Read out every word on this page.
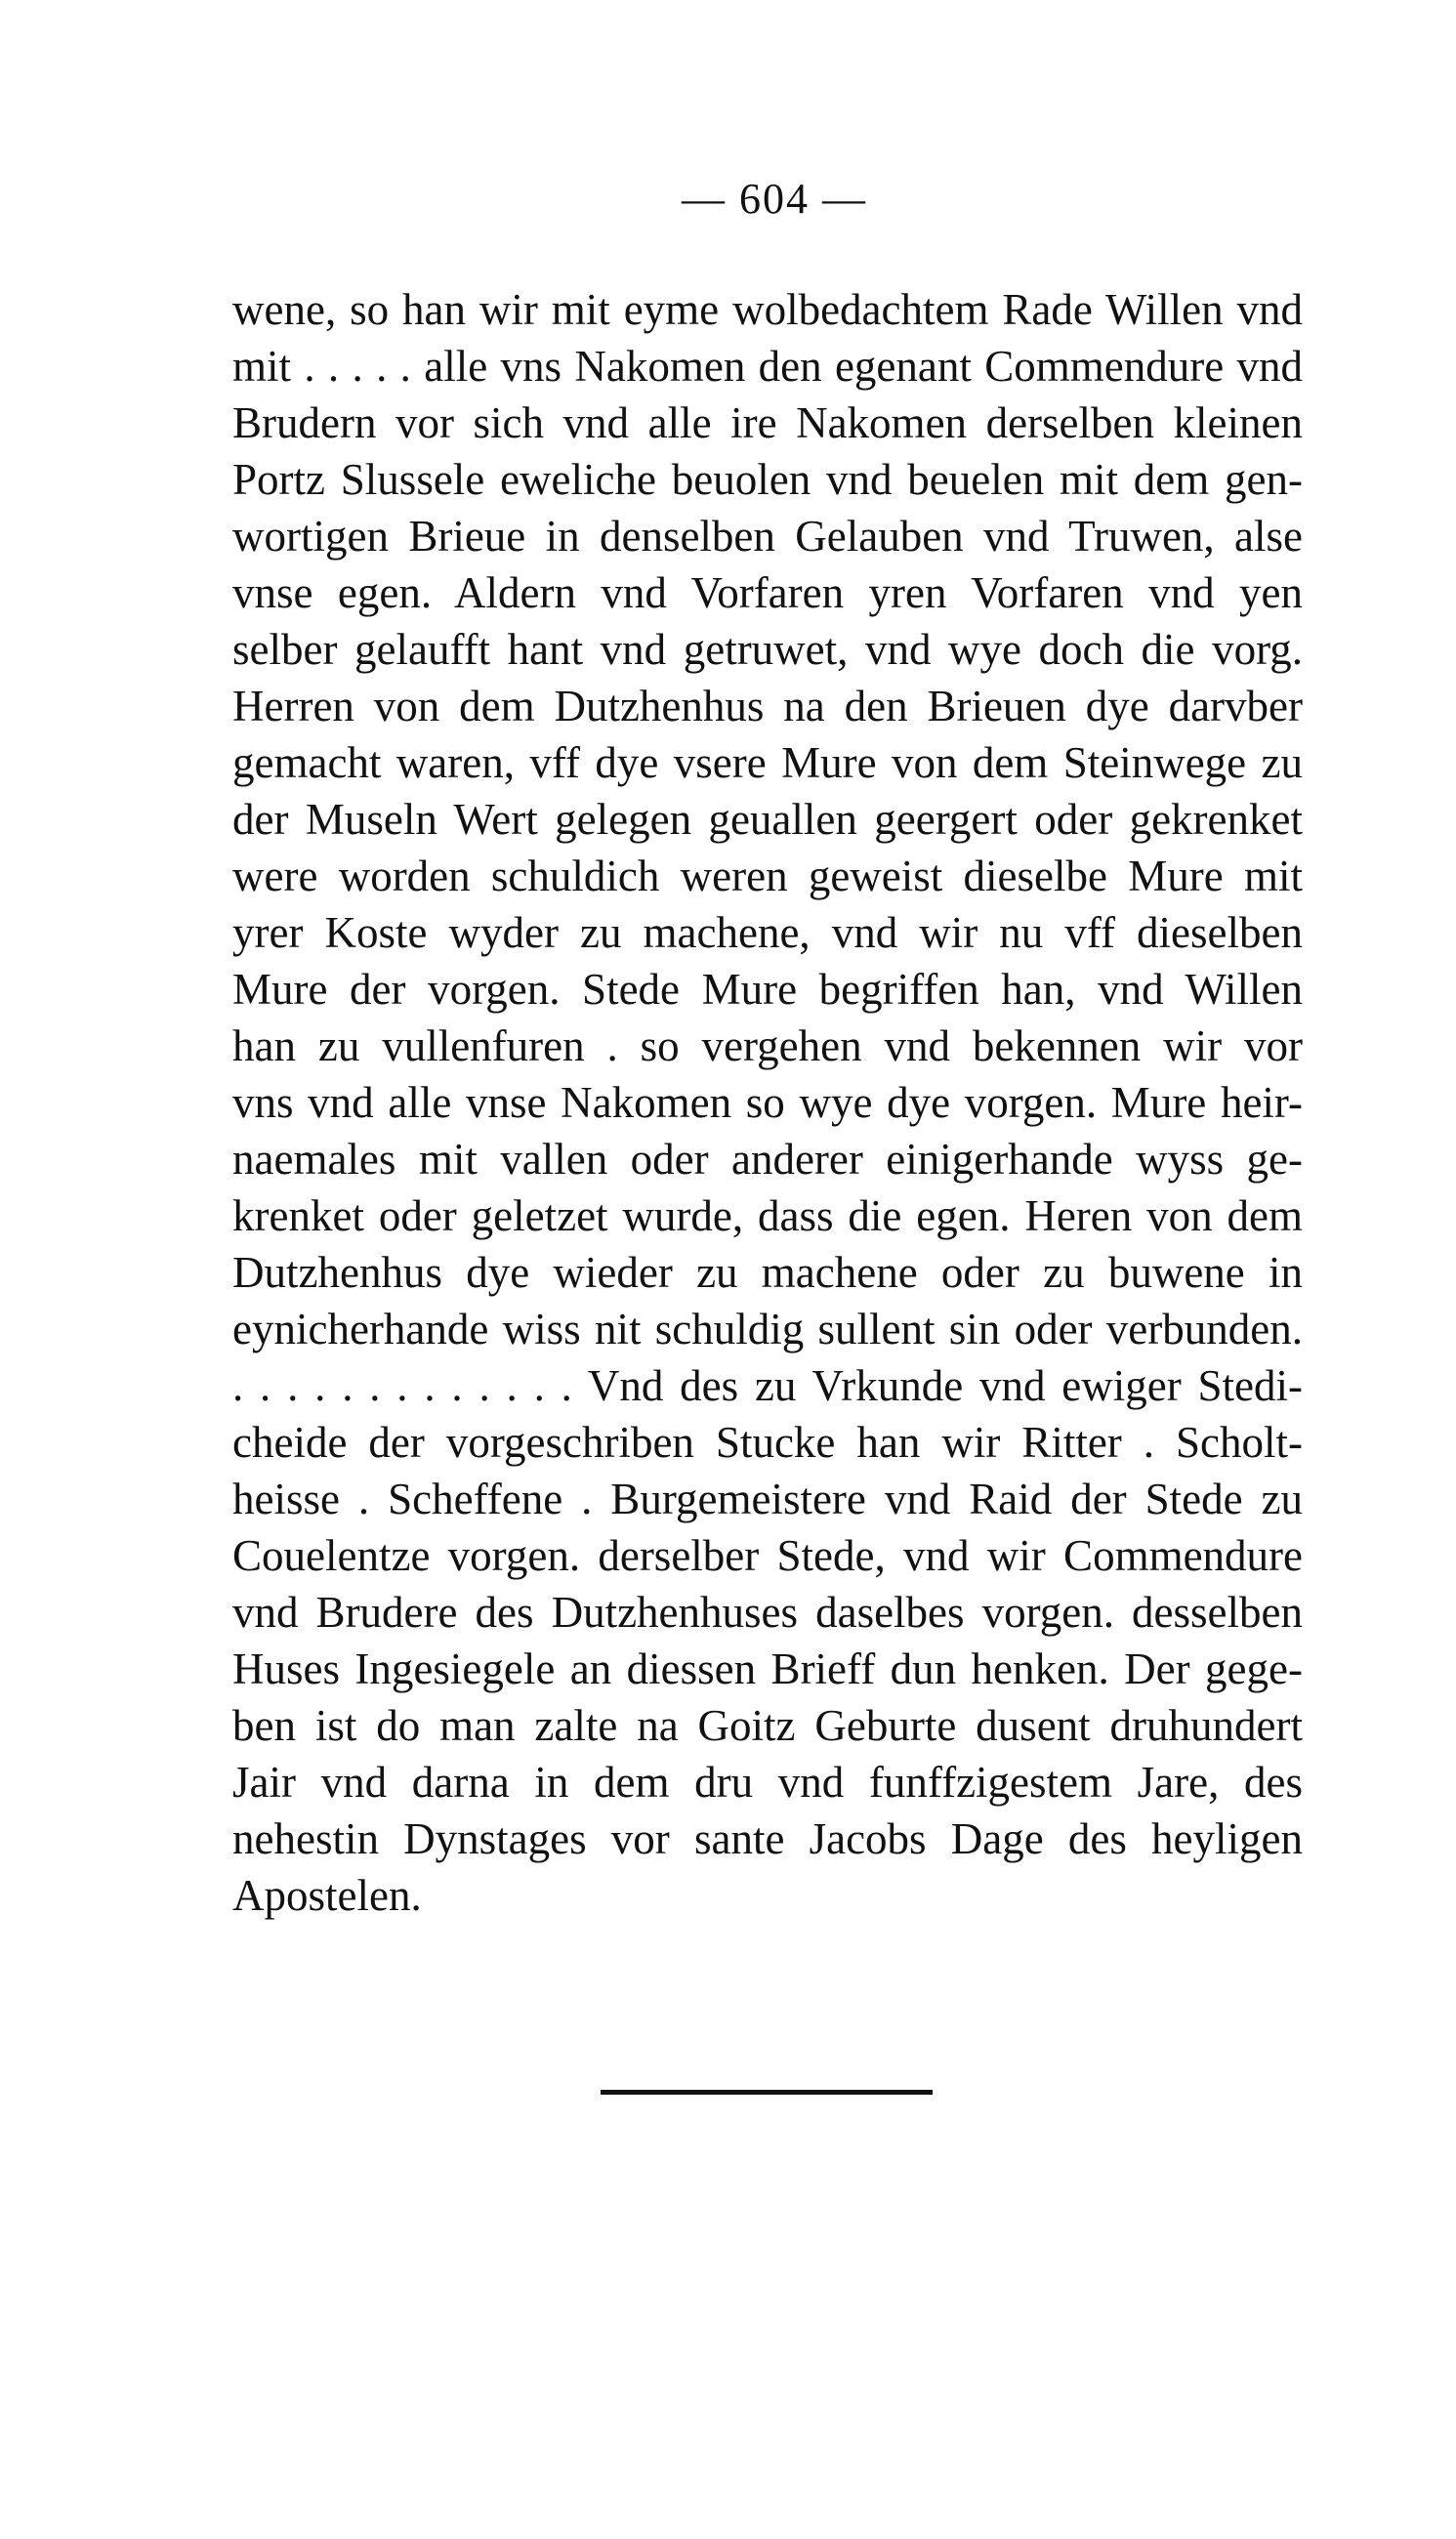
— 604 —
wene, so han wir mit eyme wolbedachtem Rade Willen vnd
mit . . . . . alle vns Nakomen den egenant Commendure vnd
Brudern vor sich vnd alle ire Nakomen derselben kleinen
Portz Slussele eweliche beuolen vnd beuelen mit dem gen-
wortigen Brieue in denselben Gelauben vnd Truwen, alse
vnse egen. Aldern vnd Vorfaren yren Vorfaren vnd yen
selber gelaufft hant vnd getruwet, vnd wye doch die vorg.
Herren von dem Dutzhenhus na den Brieuen dye darvber
gemacht waren, vff dye vsere Mure von dem Steinwege zu
der Museln Wert gelegen geuallen geergert oder gekrenket
were worden schuldich weren geweist dieselbe Mure mit
yrer Koste wyder zu machene, vnd wir nu vff dieselben
Mure der vorgen. Stede Mure begriffen han, vnd Willen
han zu vullenfuren . so vergehen vnd bekennen wir vor
vns vnd alle vnse Nakomen so wye dye vorgen. Mure heir-
naemales mit vallen oder anderer einigerhande wyss ge-
krenket oder geletzet wurde, dass die egen. Heren von dem
Dutzhenhus dye wieder zu machene oder zu buwene in
eynicherhande wiss nit schuldig sullent sin oder verbunden.
. . . . . . . . . . . . . Vnd des zu Vrkunde vnd ewiger Stedi-
cheide der vorgeschriben Stucke han wir Ritter . Scholt-
heisse . Scheffene . Burgemeistere vnd Raid der Stede zu
Couelentze vorgen. derselber Stede, vnd wir Commendure
vnd Brudere des Dutzhenhuses daselbes vorgen. desselben
Huses Ingesiegele an diessen Brieff dun henken. Der gege-
ben ist do man zalte na Goitz Geburte dusent druhundert
Jair vnd darna in dem dru vnd funffzigestem Jare, des
nehestin Dynstages vor sante Jacobs Dage des heyligen
Apostelen.
